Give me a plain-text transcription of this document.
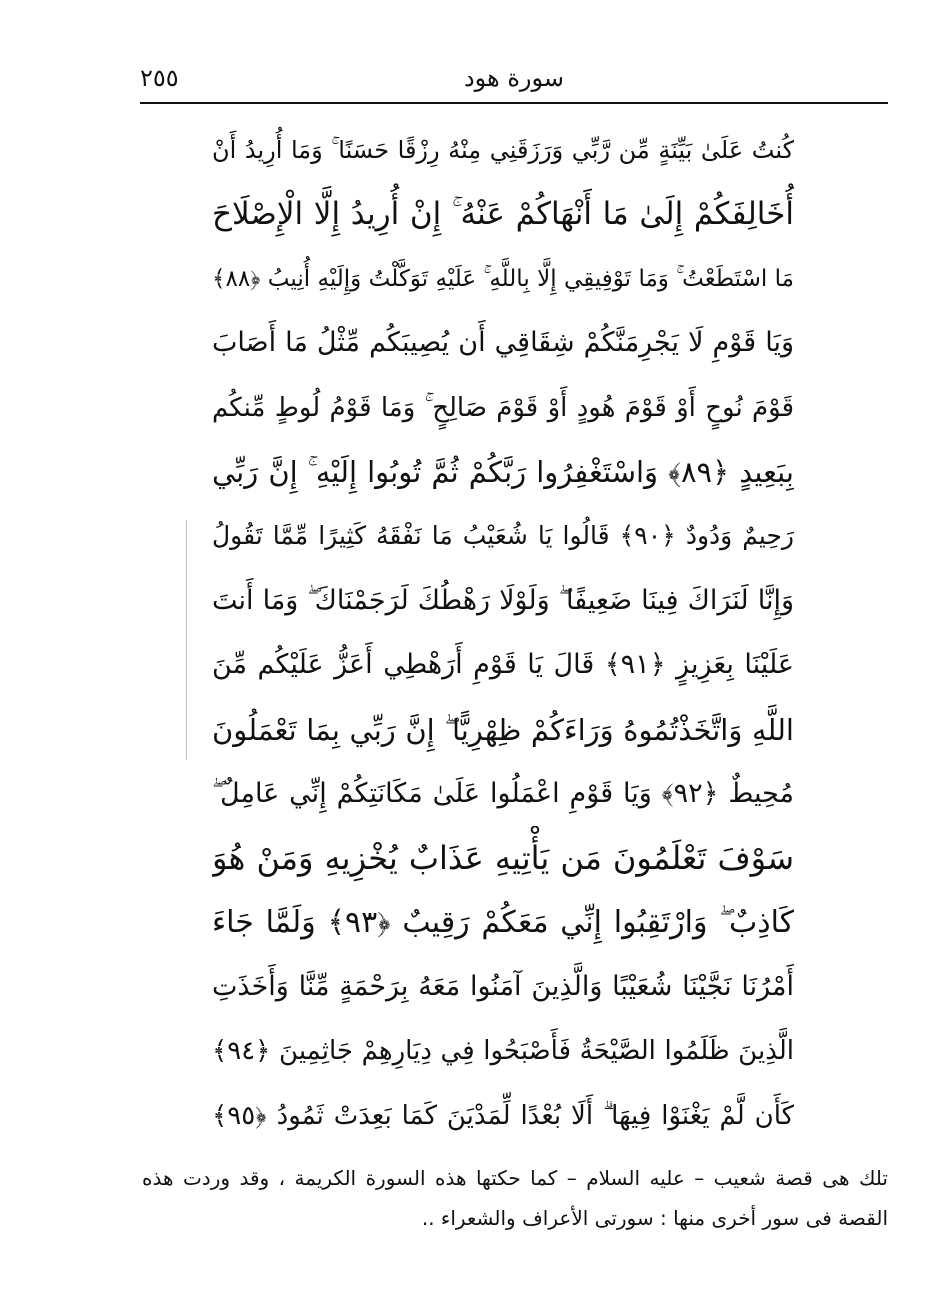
٢٥٥	سورة هود
كُنتُ عَلَىٰ بَيِّنَةٍ مِّن رَّبِّي وَرَزَقَنِي مِنْهُ رِزْقًا حَسَنًا ۚ وَمَا أُرِيدُ أَنْ
أُخَالِفَكُمْ إِلَىٰ مَا أَنْهَاكُمْ عَنْهُ ۚ إِنْ أُرِيدُ إِلَّا الْإِصْلَاحَ
مَا اسْتَطَعْتُ ۚ وَمَا تَوْفِيقِي إِلَّا بِاللَّهِ ۚ عَلَيْهِ تَوَكَّلْتُ وَإِلَيْهِ أُنِيبُ ﴿٨٨﴾
وَيَا قَوْمِ لَا يَجْرِمَنَّكُمْ شِقَاقِي أَن يُصِيبَكُم مِّثْلُ مَا أَصَابَ
قَوْمَ نُوحٍ أَوْ قَوْمَ هُودٍ أَوْ قَوْمَ صَالِحٍ ۚ وَمَا قَوْمُ لُوطٍ مِّنكُم
بِبَعِيدٍ ﴿٨٩﴾ وَاسْتَغْفِرُوا رَبَّكُمْ ثُمَّ تُوبُوا إِلَيْهِ ۚ إِنَّ رَبِّي
رَحِيمٌ وَدُودٌ ﴿٩٠﴾ قَالُوا يَا شُعَيْبُ مَا نَفْقَهُ كَثِيرًا مِّمَّا تَقُولُ
وَإِنَّا لَنَرَاكَ فِينَا ضَعِيفًا ۖ وَلَوْلَا رَهْطُكَ لَرَجَمْنَاكَ ۖ وَمَا أَنتَ
عَلَيْنَا بِعَزِيزٍ ﴿٩١﴾ قَالَ يَا قَوْمِ أَرَهْطِي أَعَزُّ عَلَيْكُم مِّنَ
اللَّهِ وَاتَّخَذْتُمُوهُ وَرَاءَكُمْ ظِهْرِيًّا ۖ إِنَّ رَبِّي بِمَا تَعْمَلُونَ
مُحِيطٌ ﴿٩٢﴾ وَيَا قَوْمِ اعْمَلُوا عَلَىٰ مَكَانَتِكُمْ إِنِّي عَامِلٌ ۖ
سَوْفَ تَعْلَمُونَ مَن يَأْتِيهِ عَذَابٌ يُخْزِيهِ وَمَنْ هُوَ
كَاذِبٌ ۖ وَارْتَقِبُوا إِنِّي مَعَكُمْ رَقِيبٌ ﴿٩٣﴾ وَلَمَّا جَاءَ
أَمْرُنَا نَجَّيْنَا شُعَيْبًا وَالَّذِينَ آمَنُوا مَعَهُ بِرَحْمَةٍ مِّنَّا وَأَخَذَتِ
الَّذِينَ ظَلَمُوا الصَّيْحَةُ فَأَصْبَحُوا فِي دِيَارِهِمْ جَاثِمِينَ ﴿٩٤﴾
كَأَن لَّمْ يَغْنَوْا فِيهَا ۗ أَلَا بُعْدًا لِّمَدْيَنَ كَمَا بَعِدَتْ ثَمُودُ ﴿٩٥﴾
تلك هى قصة شعيب – عليه السلام – كما حكتها هذه السورة الكريمة ، وقد وردت هذه
القصة فى سور أخرى منها : سورتى الأعراف والشعراء ..
